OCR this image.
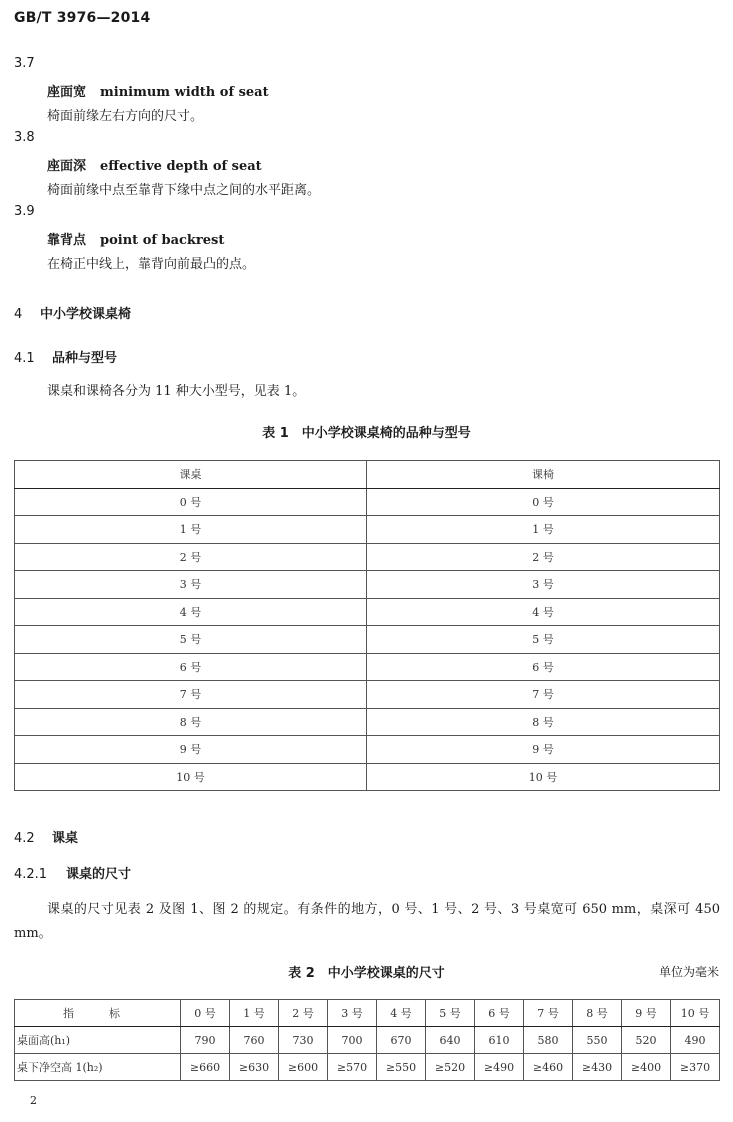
GB/T 3976—2014
3.7
座面宽 minimum width of seat
椅面前缘左右方向的尺寸。
3.8
座面深 effective depth of seat
椅面前缘中点至靠背下缘中点之间的水平距离。
3.9
靠背点 point of backrest
在椅正中线上，靠背向前最凸的点。
4 中小学校课桌椅
4.1 品种与型号
课桌和课椅各分为 11 种大小型号，见表 1。
表 1　中小学校课桌椅的品种与型号
课桌	课椅
0 号	0 号
1 号	1 号
2 号	2 号
3 号	3 号
4 号	4 号
5 号	5 号
6 号	6 号
7 号	7 号
8 号	8 号
9 号	9 号
10 号	10 号
4.2 课桌
4.2.1 课桌的尺寸
课桌的尺寸见表 2 及图 1、图 2 的规定。有条件的地方，0 号、1 号、2 号、3 号桌宽可 650 mm，桌深可 450 mm。
表 2　中小学校课桌的尺寸	单位为毫米
指　标	0 号	1 号	2 号	3 号	4 号	5 号	6 号	7 号	8 号	9 号	10 号
桌面高(h₁)	790	760	730	700	670	640	610	580	550	520	490
桌下净空高 1(h₂)	≥660	≥630	≥600	≥570	≥550	≥520	≥490	≥460	≥430	≥400	≥370
2
